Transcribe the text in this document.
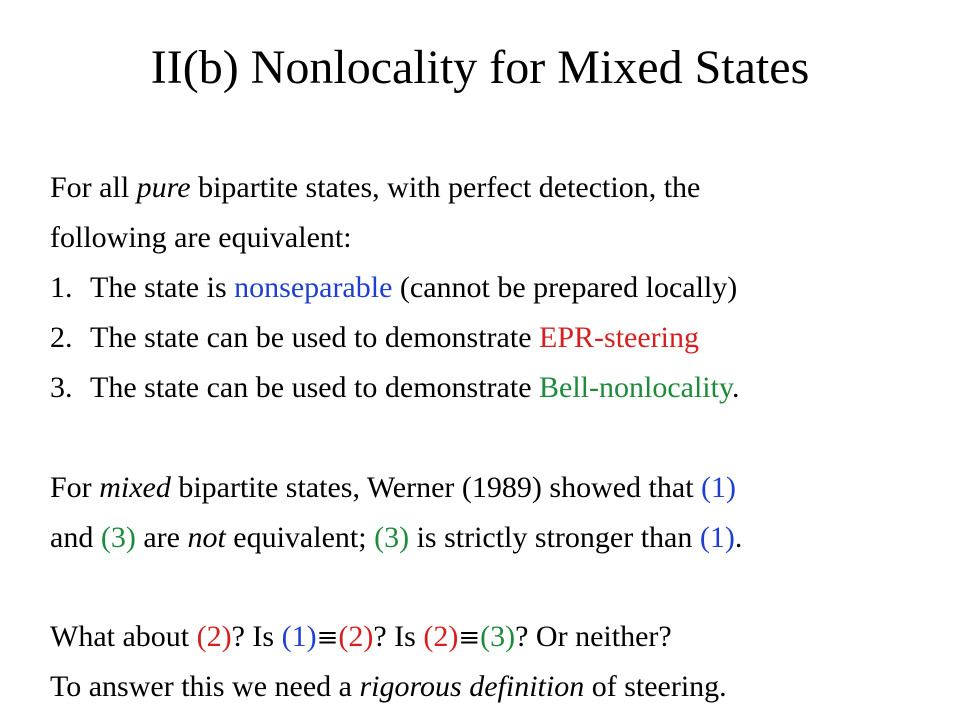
II(b) Nonlocality for Mixed States
For all pure bipartite states, with perfect detection, the
following are equivalent:
1. The state is nonseparable (cannot be prepared locally)
2. The state can be used to demonstrate EPR-steering
3. The state can be used to demonstrate Bell-nonlocality.
For mixed bipartite states, Werner (1989) showed that (1)
and (3) are not equivalent; (3) is strictly stronger than (1).
What about (2)? Is (1)≡(2)? Is (2)≡(3)? Or neither?
To answer this we need a rigorous definition of steering.
